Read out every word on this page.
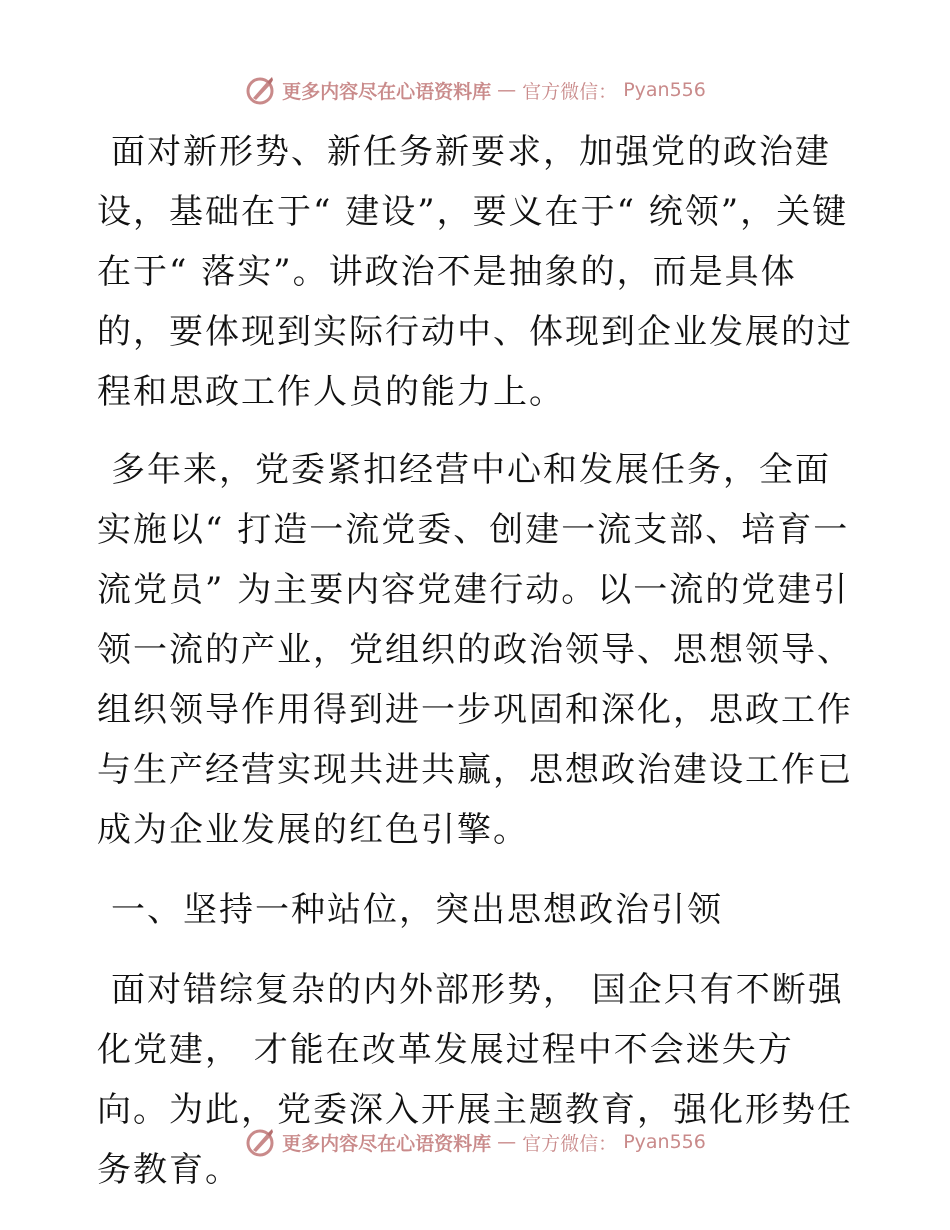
更多内容尽在心语资料库 — 官方微信： Pyan556

面对新形势、新任务新要求，加强党的政治建设，基础在于“ 建设”，要义在于“ 统领”，关键在于“ 落实”。讲政治不是抽象的，而是具体的，要体现到实际行动中、体现到企业发展的过程和思政工作人员的能力上。

多年来，党委紧扣经营中心和发展任务，全面实施以“ 打造一流党委、创建一流支部、培育一流党员” 为主要内容党建行动。以一流的党建引领一流的产业，党组织的政治领导、思想领导、组织领导作用得到进一步巩固和深化，思政工作与生产经营实现共进共赢，思想政治建设工作已成为企业发展的红色引擎。

一、坚持一种站位，突出思想政治引领

面对错综复杂的内外部形势， 国企只有不断强化党建， 才能在改革发展过程中不会迷失方向。为此，党委深入开展主题教育，强化形势任务教育。

更多内容尽在心语资料库 — 官方微信： Pyan556
